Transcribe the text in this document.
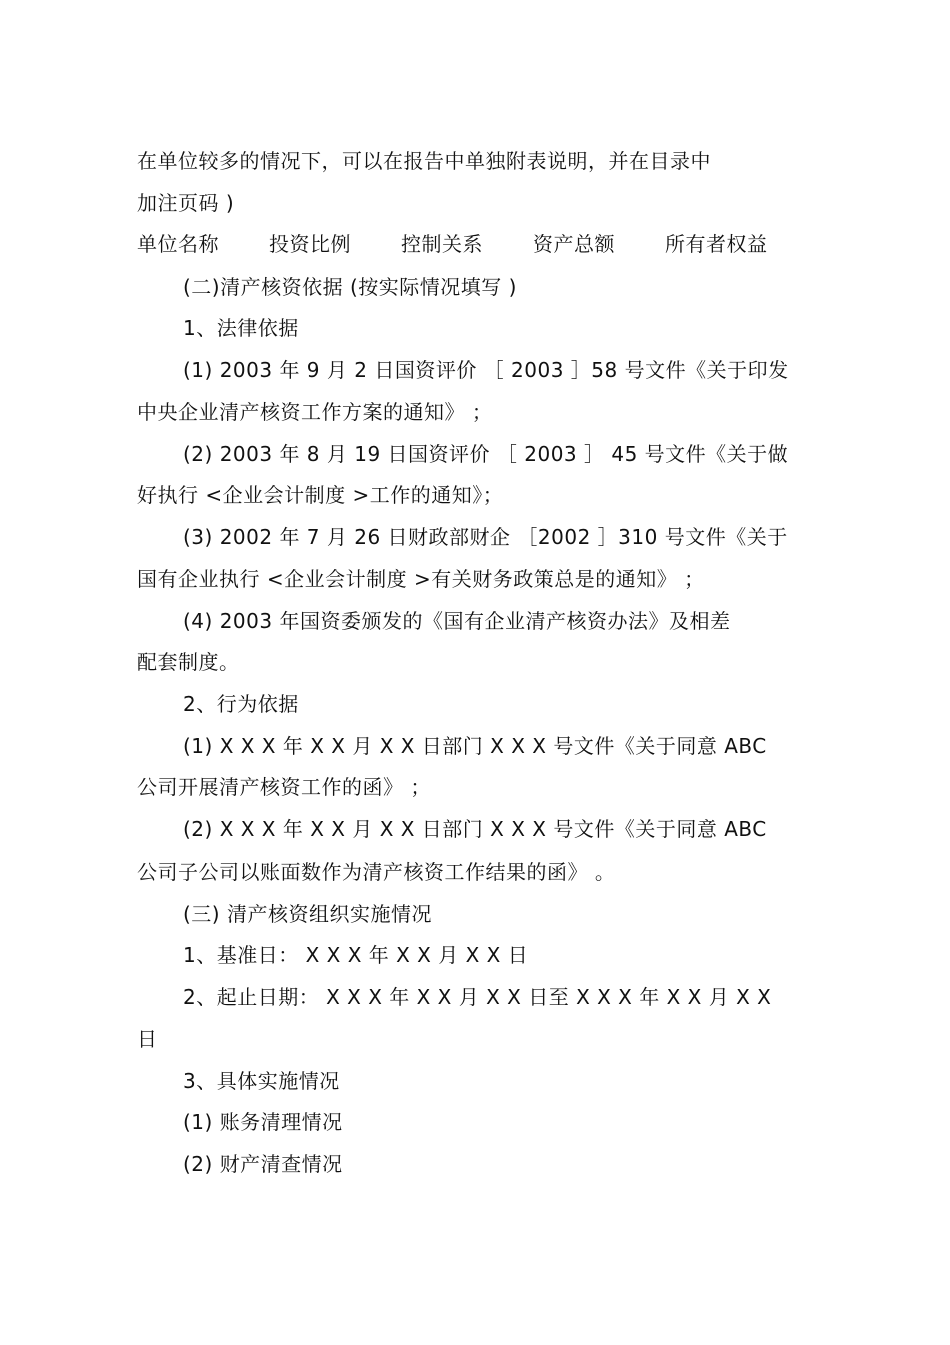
在单位较多的情况下，可以在报告中单独附表说明，并在目录中
加注页码 )
单位名称	投资比例	控制关系	资产总额	所有者权益
(二)清产核资依据 (按实际情况填写 )
1、法律依据
(1) 2003 年 9 月 2 日国资评价 ［ 2003 ］58 号文件《关于印发
中央企业清产核资工作方案的通知》 ；
(2) 2003 年 8 月 19 日国资评价 ［ 2003 ］ 45 号文件《关于做
好执行 <企业会计制度 >工作的通知》；
(3) 2002 年 7 月 26 日财政部财企 ［2002 ］310 号文件《关于
国有企业执行 <企业会计制度 >有关财务政策总是的通知》 ；
(4) 2003 年国资委颁发的《国有企业清产核资办法》及相差
配套制度。
2、行为依据
(1) X X X 年 X X 月 X X 日部门 X X X 号文件《关于同意 ABC
公司开展清产核资工作的函》 ；
(2) X X X 年 X X 月 X X 日部门 X X X 号文件《关于同意 ABC
公司子公司以账面数作为清产核资工作结果的函》 。
(三) 清产核资组织实施情况
1、基准日： X X X 年 X X 月 X X 日
2、起止日期： X X X 年 X X 月 X X 日至 X X X 年 X X 月 X X
日
3、具体实施情况
(1) 账务清理情况
(2) 财产清查情况
